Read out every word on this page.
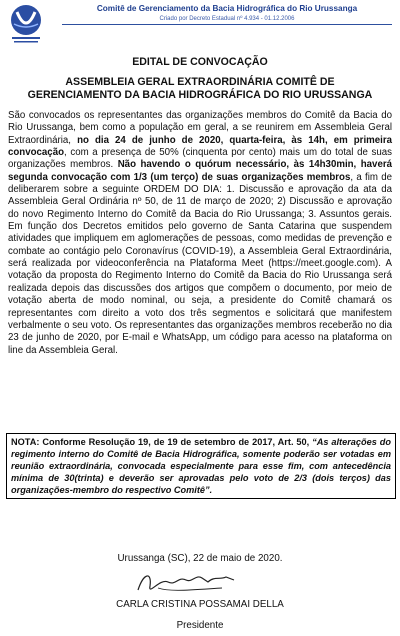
Comitê de Gerenciamento da Bacia Hidrográfica do Rio Urussanga
Criado por Decreto Estadual nº 4.934 - 01.12.2006
EDITAL DE CONVOCAÇÃO
ASSEMBLEIA GERAL EXTRAORDINÁRIA COMITÊ DE GERENCIAMENTO DA BACIA HIDROGRÁFICA DO RIO URUSSANGA

São convocados os representantes das organizações membros do Comitê da Bacia do Rio Urussanga, bem como a população em geral, a se reunirem em Assembleia Geral Extraordinária, no dia 24 de junho de 2020, quarta-feira, às 14h, em primeira convocação, com a presença de 50% (cinquenta por cento) mais um do total de suas organizações membros. Não havendo o quórum necessário, às 14h30min, haverá segunda convocação com 1/3 (um terço) de suas organizações membros, a fim de deliberarem sobre a seguinte ORDEM DO DIA: 1. Discussão e aprovação da ata da Assembleia Geral Ordinária nº 50, de 11 de março de 2020; 2) Discussão e aprovação do novo Regimento Interno do Comitê da Bacia do Rio Urussanga; 3. Assuntos gerais. Em função dos Decretos emitidos pelo governo de Santa Catarina que suspendem atividades que impliquem em aglomerações de pessoas, como medidas de prevenção e combate ao contágio pelo Coronavírus (COVID-19), a Assembleia Geral Extraordinária, será realizada por videoconferência na Plataforma Meet (https://meet.google.com). A votação da proposta do Regimento Interno do Comitê da Bacia do Rio Urussanga será realizada depois das discussões dos artigos que compõem o documento, por meio de votação aberta de modo nominal, ou seja, a presidente do Comitê chamará os representantes com direito a voto dos três segmentos e solicitará que manifestem verbalmente o seu voto. Os representantes das organizações membros receberão no dia 23 de junho de 2020, por E-mail e WhatsApp, um código para acesso na plataforma on line da Assembleia Geral.

NOTA: Conforme Resolução 19, de 19 de setembro de 2017, Art. 50, “As alterações do regimento interno do Comitê de Bacia Hidrográfica, somente poderão ser votadas em reunião extraordinária, convocada especialmente para esse fim, com antecedência mínima de 30(trinta) e deverão ser aprovadas pelo voto de 2/3 (dois terços) das organizações-membro do respectivo Comitê”.
Urussanga (SC), 22 de maio de 2020.
CARLA CRISTINA POSSAMAI DELLA
Presidente
